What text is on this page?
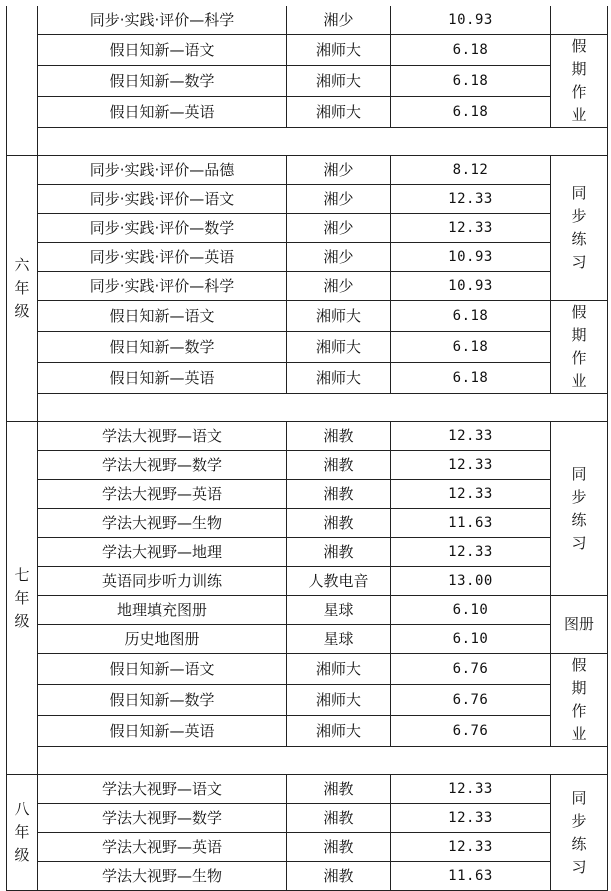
	同步·实践·评价—科学	湘少	10.93	
	假日知新—语文	湘师大	6.18	假期作业
	假日知新—数学	湘师大	6.18	
	假日知新—英语	湘师大	6.18	

六年级	同步·实践·评价—品德	湘少	8.12	同步练习
	同步·实践·评价—语文	湘少	12.33	
	同步·实践·评价—数学	湘少	12.33	
	同步·实践·评价—英语	湘少	10.93	
	同步·实践·评价—科学	湘少	10.93	
	假日知新—语文	湘师大	6.18	假期作业
	假日知新—数学	湘师大	6.18	
	假日知新—英语	湘师大	6.18	

七年级	学法大视野—语文	湘教	12.33	同步练习
	学法大视野—数学	湘教	12.33	
	学法大视野—英语	湘教	12.33	
	学法大视野—生物	湘教	11.63	
	学法大视野—地理	湘教	12.33	
	英语同步听力训练	人教电音	13.00	
	地理填充图册	星球	6.10	图册
	历史地图册	星球	6.10	
	假日知新—语文	湘师大	6.76	假期作业
	假日知新—数学	湘师大	6.76	
	假日知新—英语	湘师大	6.76	

八年级	学法大视野—语文	湘教	12.33	同步练习
	学法大视野—数学	湘教	12.33	
	学法大视野—英语	湘教	12.33	
	学法大视野—生物	湘教	11.63	
